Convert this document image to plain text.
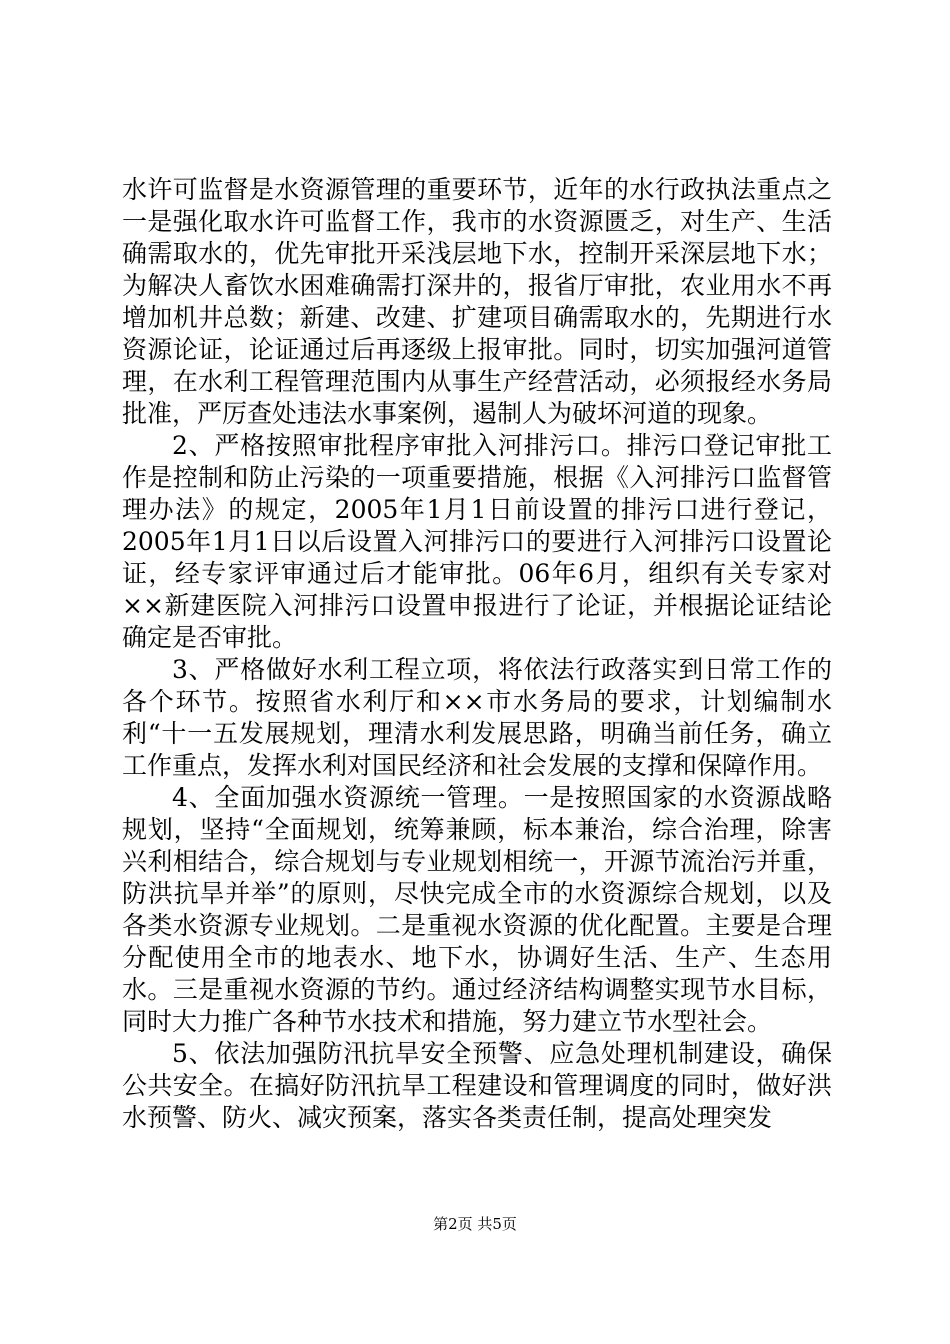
水许可监督是水资源管理的重要环节，近年的水行政执法重点之一是强化取水许可监督工作，我市的水资源匮乏，对生产、生活确需取水的，优先审批开采浅层地下水，控制开采深层地下水；为解决人畜饮水困难确需打深井的，报省厅审批，农业用水不再增加机井总数；新建、改建、扩建项目确需取水的，先期进行水资源论证，论证通过后再逐级上报审批。同时，切实加强河道管理，在水利工程管理范围内从事生产经营活动，必须报经水务局批准，严厉查处违法水事案例，遏制人为破坏河道的现象。

2、严格按照审批程序审批入河排污口。排污口登记审批工作是控制和防止污染的一项重要措施，根据《入河排污口监督管理办法》的规定，2005年1月1日前设置的排污口进行登记，2005年1月1日以后设置入河排污口的要进行入河排污口设置论证，经专家评审通过后才能审批。06年6月，组织有关专家对××新建医院入河排污口设置申报进行了论证，并根据论证结论确定是否审批。

3、严格做好水利工程立项，将依法行政落实到日常工作的各个环节。按照省水利厅和××市水务局的要求，计划编制水利“十一五发展规划，理清水利发展思路，明确当前任务，确立工作重点，发挥水利对国民经济和社会发展的支撑和保障作用。

4、全面加强水资源统一管理。一是按照国家的水资源战略规划，坚持“全面规划，统筹兼顾，标本兼治，综合治理，除害兴利相结合，综合规划与专业规划相统一，开源节流治污并重，防洪抗旱并举”的原则，尽快完成全市的水资源综合规划，以及各类水资源专业规划。二是重视水资源的优化配置。主要是合理分配使用全市的地表水、地下水，协调好生活、生产、生态用水。三是重视水资源的节约。通过经济结构调整实现节水目标，同时大力推广各种节水技术和措施，努力建立节水型社会。

5、依法加强防汛抗旱安全预警、应急处理机制建设，确保公共安全。在搞好防汛抗旱工程建设和管理调度的同时，做好洪水预警、防火、减灾预案，落实各类责任制，提高处理突发

第2页 共5页
